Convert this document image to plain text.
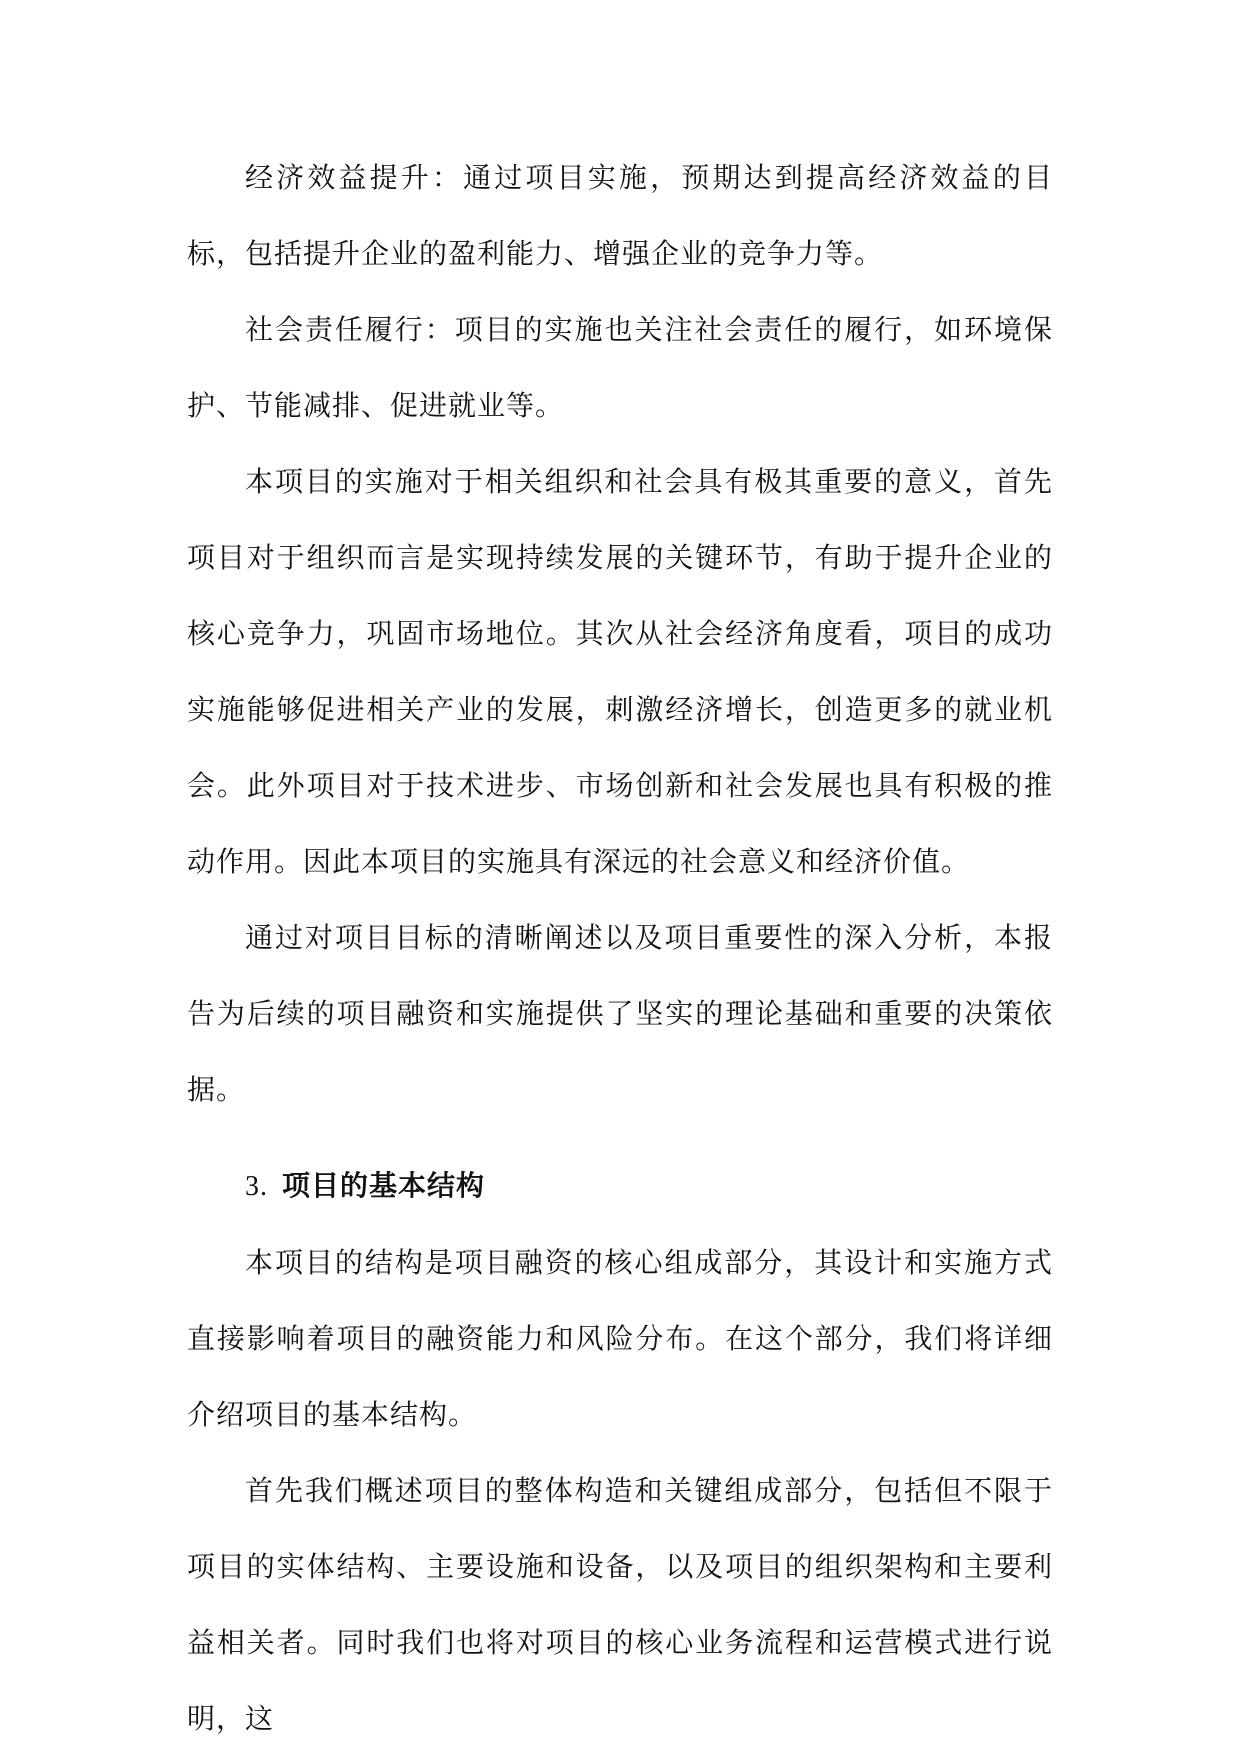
经济效益提升：通过项目实施，预期达到提高经济效益的目标，包括提升企业的盈利能力、增强企业的竞争力等。

社会责任履行：项目的实施也关注社会责任的履行，如环境保护、节能减排、促进就业等。

本项目的实施对于相关组织和社会具有极其重要的意义，首先项目对于组织而言是实现持续发展的关键环节，有助于提升企业的核心竞争力，巩固市场地位。其次从社会经济角度看，项目的成功实施能够促进相关产业的发展，刺激经济增长，创造更多的就业机会。此外项目对于技术进步、市场创新和社会发展也具有积极的推动作用。因此本项目的实施具有深远的社会意义和经济价值。

通过对项目目标的清晰阐述以及项目重要性的深入分析，本报告为后续的项目融资和实施提供了坚实的理论基础和重要的决策依据。

3. 项目的基本结构

本项目的结构是项目融资的核心组成部分，其设计和实施方式直接影响着项目的融资能力和风险分布。在这个部分，我们将详细介绍项目的基本结构。

首先我们概述项目的整体构造和关键组成部分，包括但不限于项目的实体结构、主要设施和设备，以及项目的组织架构和主要利益相关者。同时我们也将对项目的核心业务流程和运营模式进行说明，这
